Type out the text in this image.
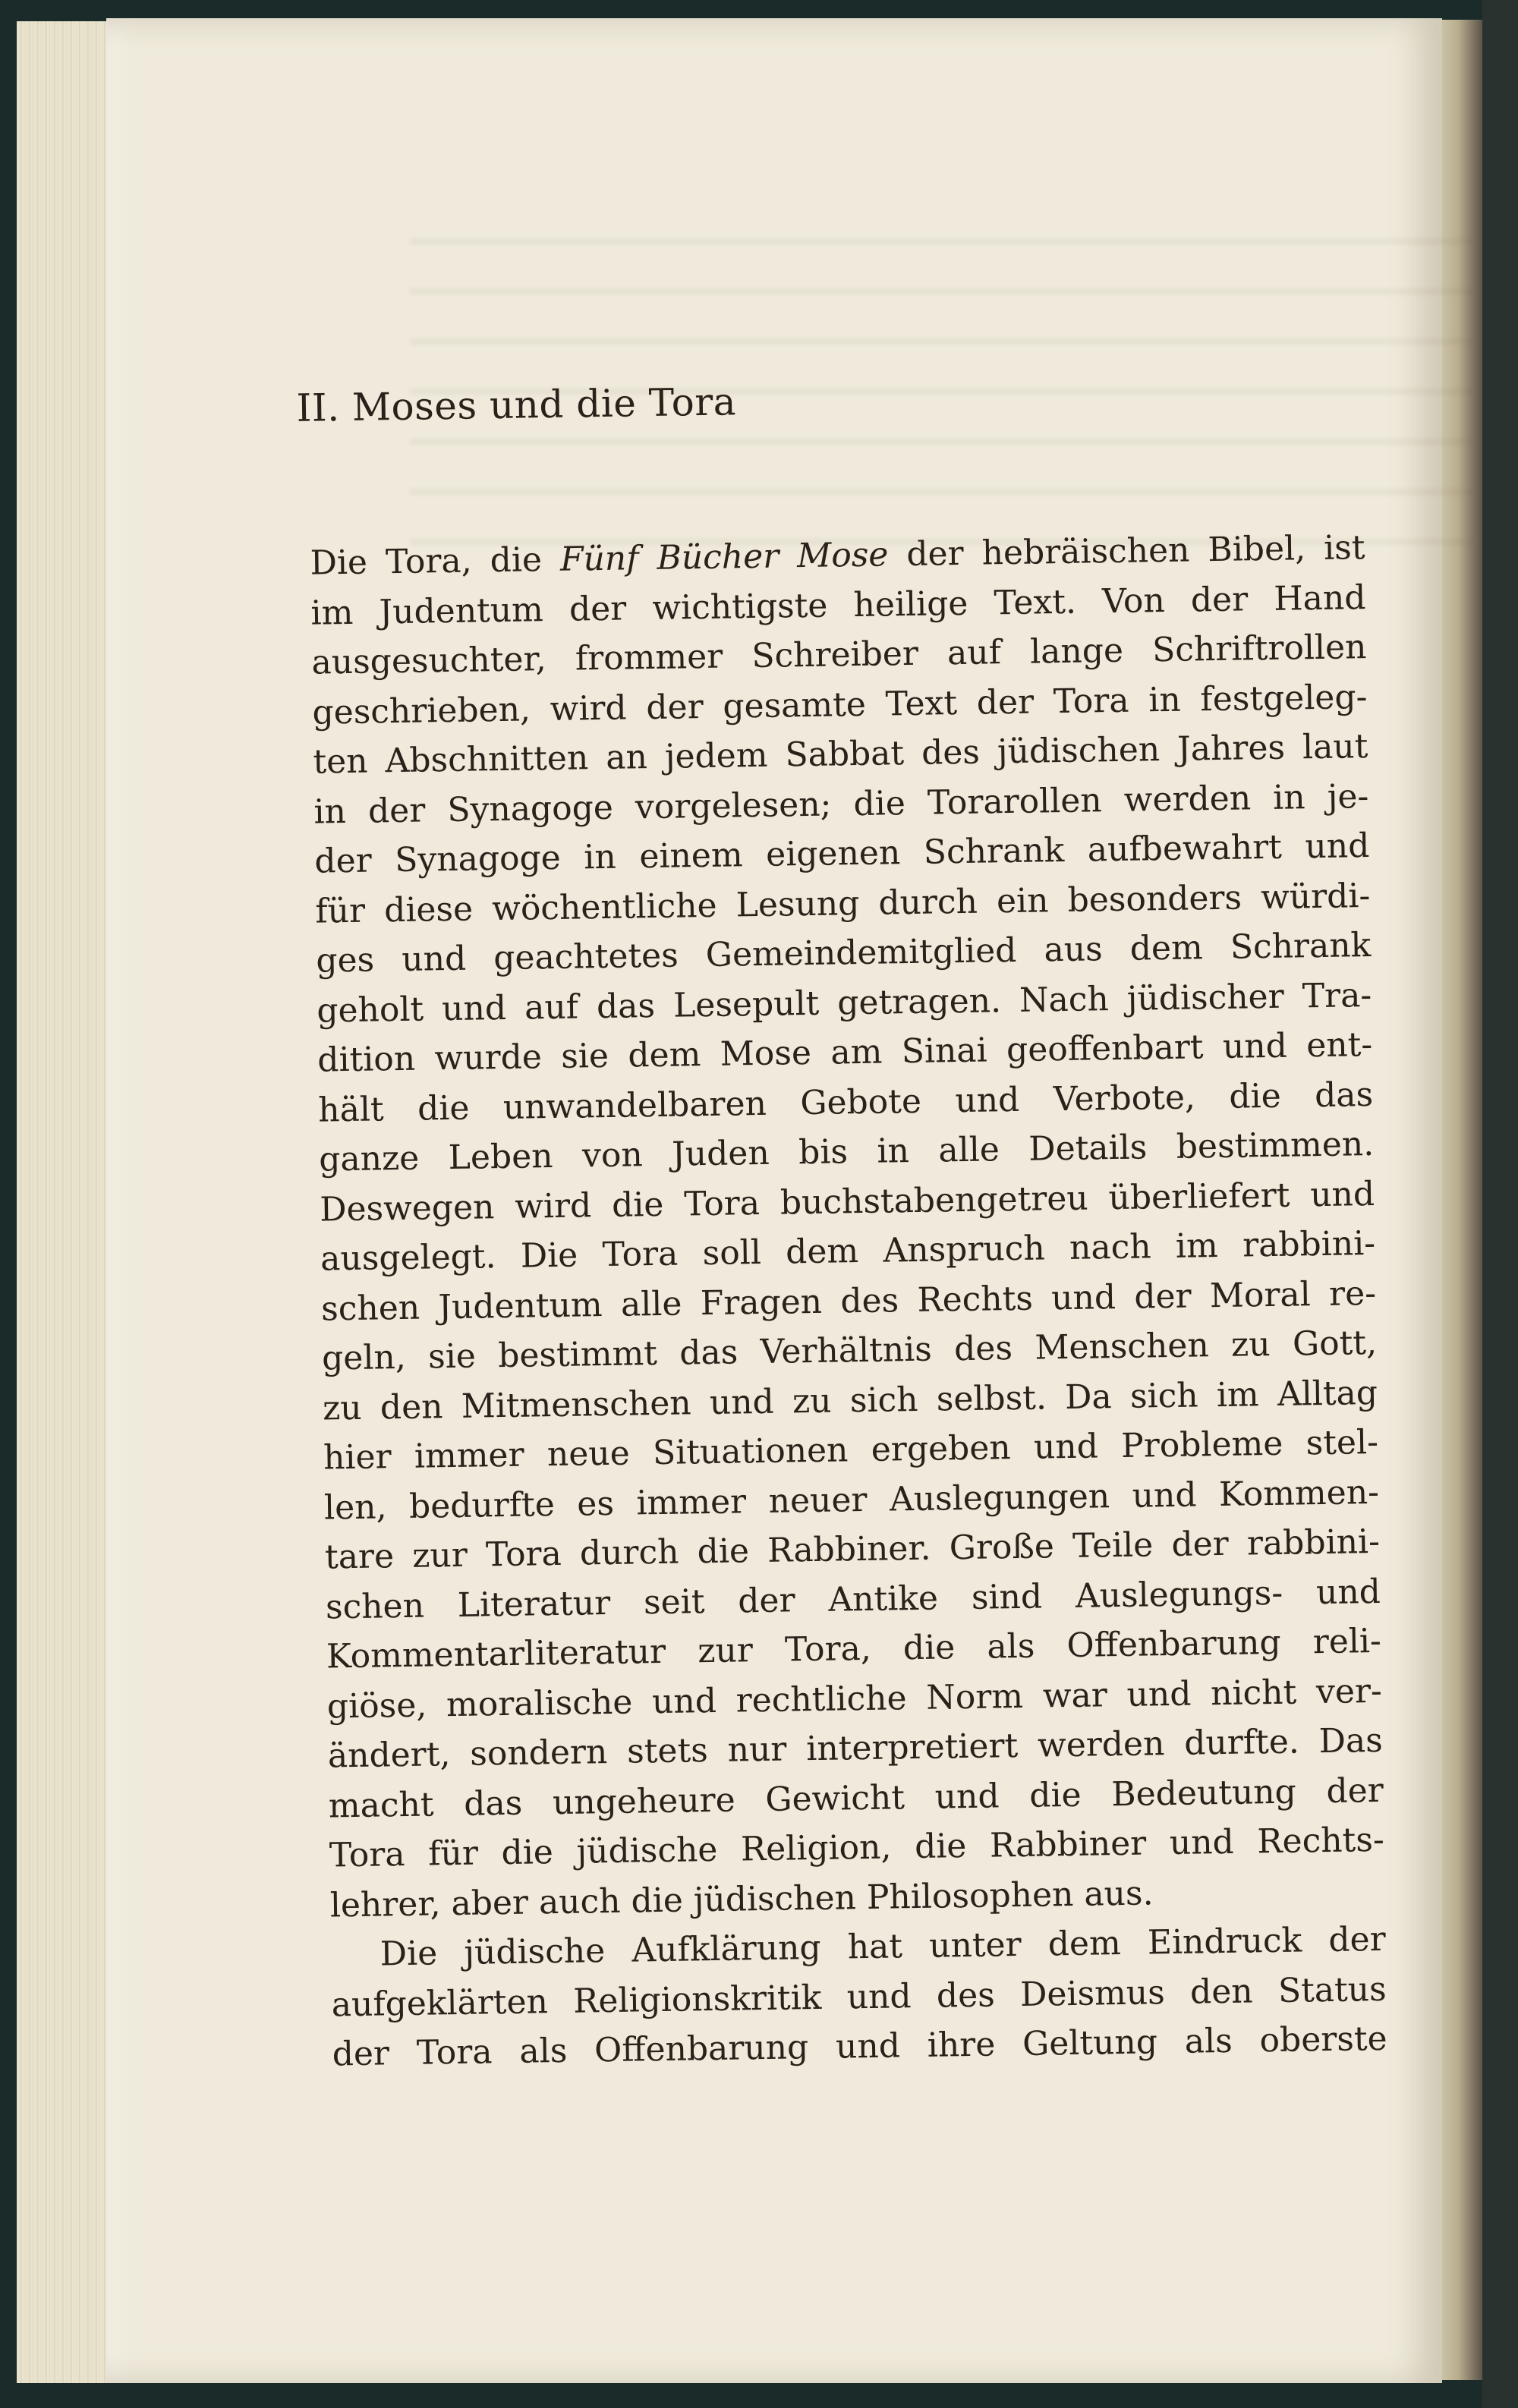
II. Moses und die Tora
Die Tora, die Fünf Bücher Mose der hebräischen Bibel, ist
im Judentum der wichtigste heilige Text. Von der Hand
ausgesuchter, frommer Schreiber auf lange Schriftrollen
geschrieben, wird der gesamte Text der Tora in festgeleg-
ten Abschnitten an jedem Sabbat des jüdischen Jahres laut
in der Synagoge vorgelesen; die Torarollen werden in je-
der Synagoge in einem eigenen Schrank aufbewahrt und
für diese wöchentliche Lesung durch ein besonders würdi-
ges und geachtetes Gemeindemitglied aus dem Schrank
geholt und auf das Lesepult getragen. Nach jüdischer Tra-
dition wurde sie dem Mose am Sinai geoffenbart und ent-
hält die unwandelbaren Gebote und Verbote, die das
ganze Leben von Juden bis in alle Details bestimmen.
Deswegen wird die Tora buchstabengetreu überliefert und
ausgelegt. Die Tora soll dem Anspruch nach im rabbini-
schen Judentum alle Fragen des Rechts und der Moral re-
geln, sie bestimmt das Verhältnis des Menschen zu Gott,
zu den Mitmenschen und zu sich selbst. Da sich im Alltag
hier immer neue Situationen ergeben und Probleme stel-
len, bedurfte es immer neuer Auslegungen und Kommen-
tare zur Tora durch die Rabbiner. Große Teile der rabbini-
schen Literatur seit der Antike sind Auslegungs- und
Kommentarliteratur zur Tora, die als Offenbarung reli-
giöse, moralische und rechtliche Norm war und nicht ver-
ändert, sondern stets nur interpretiert werden durfte. Das
macht das ungeheure Gewicht und die Bedeutung der
Tora für die jüdische Religion, die Rabbiner und Rechts-
lehrer, aber auch die jüdischen Philosophen aus.
Die jüdische Aufklärung hat unter dem Eindruck der
aufgeklärten Religionskritik und des Deismus den Status
der Tora als Offenbarung und ihre Geltung als oberste
